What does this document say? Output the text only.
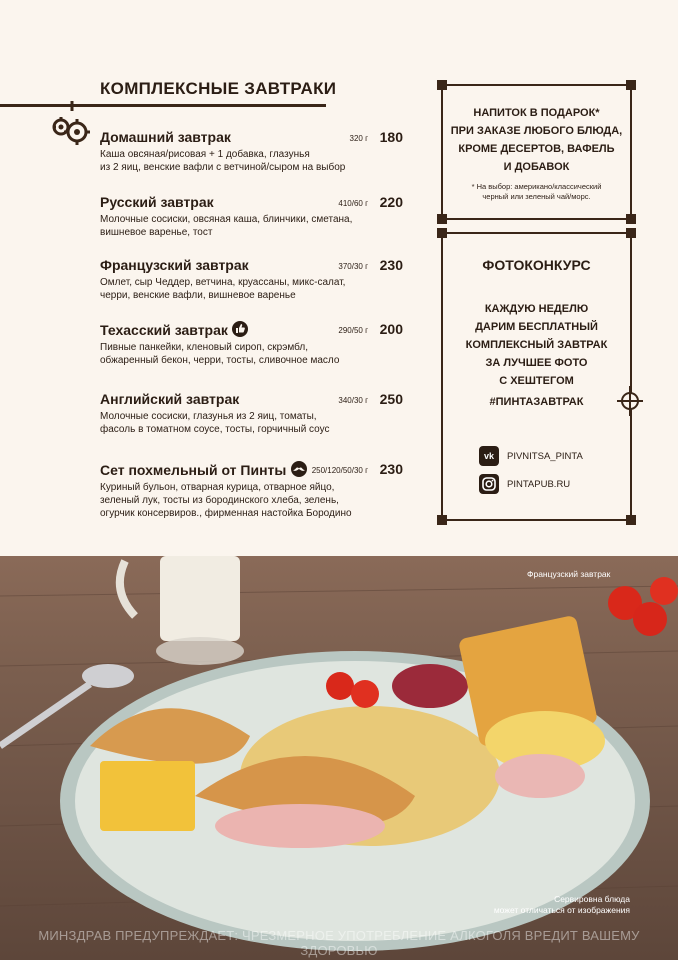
КОМПЛЕКСНЫЕ ЗАВТРАКИ
Домашний завтрак	320 г 180
Каша овсяная/рисовая + 1 добавка, глазунья
из 2 яиц, венские вафли с ветчиной/сыром на выбор
Русский завтрак	410/60 г 220
Молочные сосиски, овсяная каша, блинчики, сметана,
вишневое варенье, тост
Французский завтрак	370/30 г 230
Омлет, сыр Чеддер, ветчина, круассаны, микс-салат,
черри, венские вафли, вишневое варенье
Техасский завтрак	290/50 г 200
Пивные панкейки, кленовый сироп, скрэмбл,
обжаренный бекон, черри, тосты, сливочное масло
Английский завтрак	340/30 г 250
Молочные сосиски, глазунья из 2 яиц, томаты,
фасоль в томатном соусе, тосты, горчичный соус
Сет похмельный от Пинты	250/120/50/30 г 230
Куриный бульон, отварная курица, отварное яйцо,
зеленый лук, тосты из бородинского хлеба, зелень,
огурчик консервиров., фирменная настойка Бородино
НАПИТОК В ПОДАРОК*
ПРИ ЗАКАЗЕ ЛЮБОГО БЛЮДА,
КРОМЕ ДЕСЕРТОВ, ВАФЕЛЬ
И ДОБАВОК
* На выбор: американо/классический
черный или зеленый чай/морс.
ФОТОКОНКУРС
КАЖДУЮ НЕДЕЛЮ
ДАРИМ БЕСПЛАТНЫЙ
КОМПЛЕКСНЫЙ ЗАВТРАК
ЗА ЛУЧШЕЕ ФОТО
С ХЕШТЕГОМ
#ПИНТАЗАВТРАК
vk	PIVNITSA_PINTA
PINTAPUB.RU
Французский завтрак
Сервировна блюда
может отличаться от изображения
МИНЗДРАВ ПРЕДУПРЕЖДАЕТ: ЧРЕЗМЕРНОЕ УПОТРЕБЛЕНИЕ АЛКОГОЛЯ ВРЕДИТ ВАШЕМУ ЗДОРОВЬЮ
